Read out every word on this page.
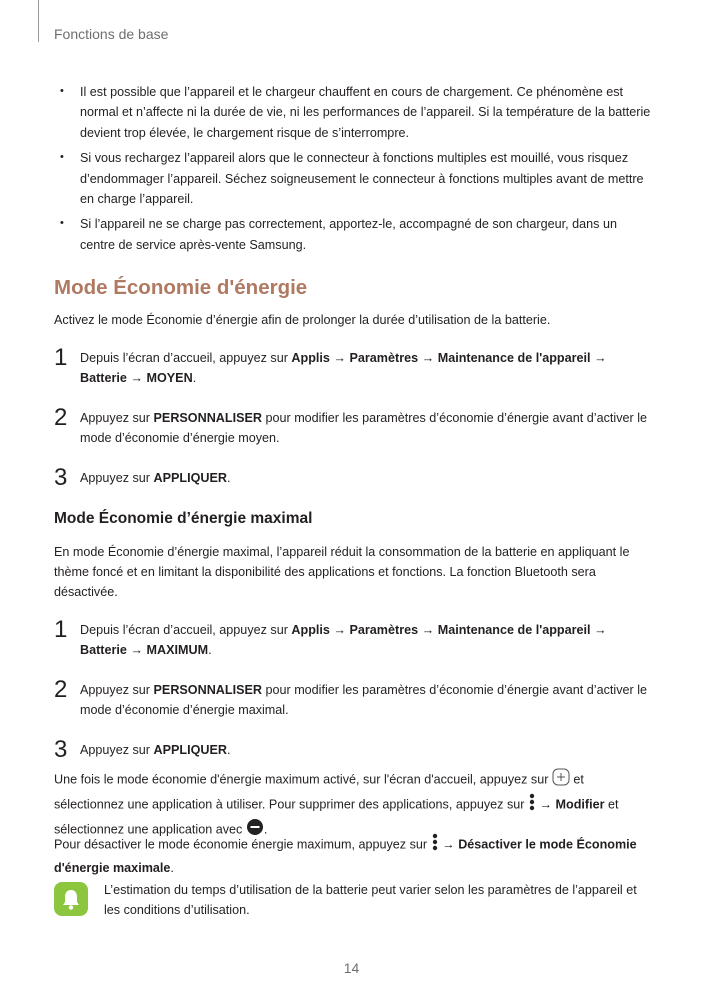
Fonctions de base
• Il est possible que l’appareil et le chargeur chauffent en cours de chargement. Ce phénomène est normal et n’affecte ni la durée de vie, ni les performances de l’appareil. Si la température de la batterie devient trop élevée, le chargement risque de s’interrompre.
• Si vous rechargez l’appareil alors que le connecteur à fonctions multiples est mouillé, vous risquez d’endommager l’appareil. Séchez soigneusement le connecteur à fonctions multiples avant de mettre en charge l’appareil.
• Si l’appareil ne se charge pas correctement, apportez-le, accompagné de son chargeur, dans un centre de service après-vente Samsung.
Mode Économie d'énergie
Activez le mode Économie d’énergie afin de prolonger la durée d’utilisation de la batterie.
1 Depuis l’écran d’accueil, appuyez sur Applis → Paramètres → Maintenance de l'appareil → Batterie → MOYEN.
2 Appuyez sur PERSONNALISER pour modifier les paramètres d’économie d’énergie avant d’activer le mode d’économie d’énergie moyen.
3 Appuyez sur APPLIQUER.
Mode Économie d’énergie maximal
En mode Économie d’énergie maximal, l’appareil réduit la consommation de la batterie en appliquant le thème foncé et en limitant la disponibilité des applications et fonctions. La fonction Bluetooth sera désactivée.
1 Depuis l’écran d’accueil, appuyez sur Applis → Paramètres → Maintenance de l'appareil → Batterie → MAXIMUM.
2 Appuyez sur PERSONNALISER pour modifier les paramètres d’économie d’énergie avant d’activer le mode d’économie d’énergie maximal.
3 Appuyez sur APPLIQUER.
Une fois le mode économie d'énergie maximum activé, sur l'écran d'accueil, appuyez sur  et sélectionnez une application à utiliser. Pour supprimer des applications, appuyez sur  → Modifier et sélectionnez une application avec .
Pour désactiver le mode économie énergie maximum, appuyez sur  → Désactiver le mode Économie d'énergie maximale.
L’estimation du temps d’utilisation de la batterie peut varier selon les paramètres de l’appareil et les conditions d’utilisation.
14
